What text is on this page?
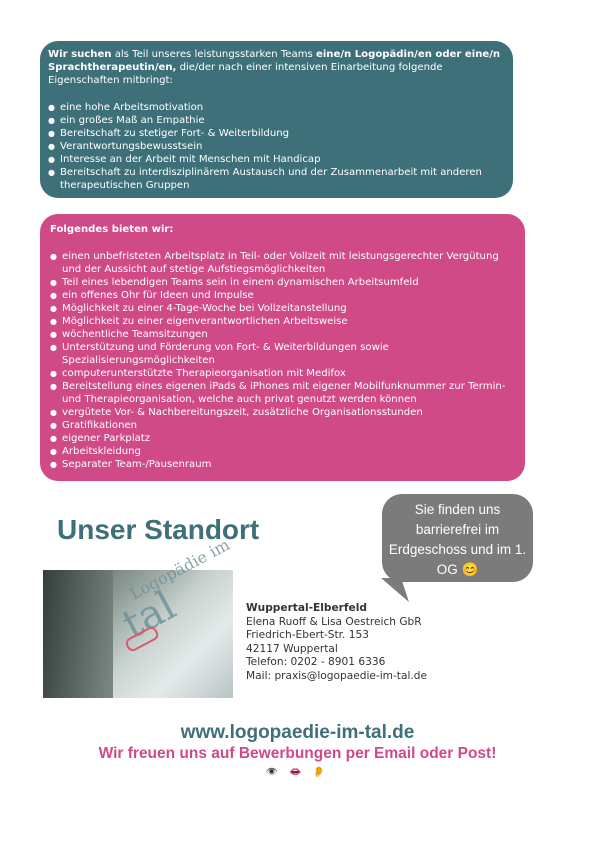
Wir suchen als Teil unseres leistungsstarken Teams eine/n Logopädin/en oder eine/n Sprachtherapeutin/en, die/der nach einer intensiven Einarbeitung folgende Eigenschaften mitbringt:

● eine hohe Arbeitsmotivation
● ein großes Maß an Empathie
● Bereitschaft zu stetiger Fort- & Weiterbildung
● Verantwortungsbewusstsein
● Interesse an der Arbeit mit Menschen mit Handicap
● Bereitschaft zu interdisziplinärem Austausch und der Zusammenarbeit mit anderen therapeutischen Gruppen

Folgendes bieten wir:

● einen unbefristeten Arbeitsplatz in Teil- oder Vollzeit mit leistungsgerechter Vergütung und der Aussicht auf stetige Aufstiegsmöglichkeiten
● Teil eines lebendigen Teams sein in einem dynamischen Arbeitsumfeld
● ein offenes Ohr für Ideen und Impulse
● Möglichkeit zu einer 4-Tage-Woche bei Vollzeitanstellung
● Möglichkeit zu einer eigenverantwortlichen Arbeitsweise
● wöchentliche Teamsitzungen
● Unterstützung und Förderung von Fort- & Weiterbildungen sowie Spezialisierungsmöglichkeiten
● computerunterstützte Therapieorganisation mit Medifox
● Bereitstellung eines eigenen iPads & iPhones mit eigener Mobilfunknummer zur Termin- und Therapieorganisation, welche auch privat genutzt werden können
● vergütete Vor- & Nachbereitungszeit, zusätzliche Organisationsstunden
● Gratifikationen
● eigener Parkplatz
● Arbeitskleidung
● Separater Team-/Pausenraum
Unser Standort
Sie finden uns barrierefrei im Erdgeschoss und im 1. OG 😊
Logopädie im
tal	Wuppertal-Elberfeld
Elena Ruoff & Lisa Oestreich GbR
Friedrich-Ebert-Str. 153
42117 Wuppertal
Telefon: 0202 - 8901 6336
Mail: praxis@logopaedie-im-tal.de
www.logopaedie-im-tal.de
Wir freuen uns auf Bewerbungen per Email oder Post!
👁️ 👄 👂
